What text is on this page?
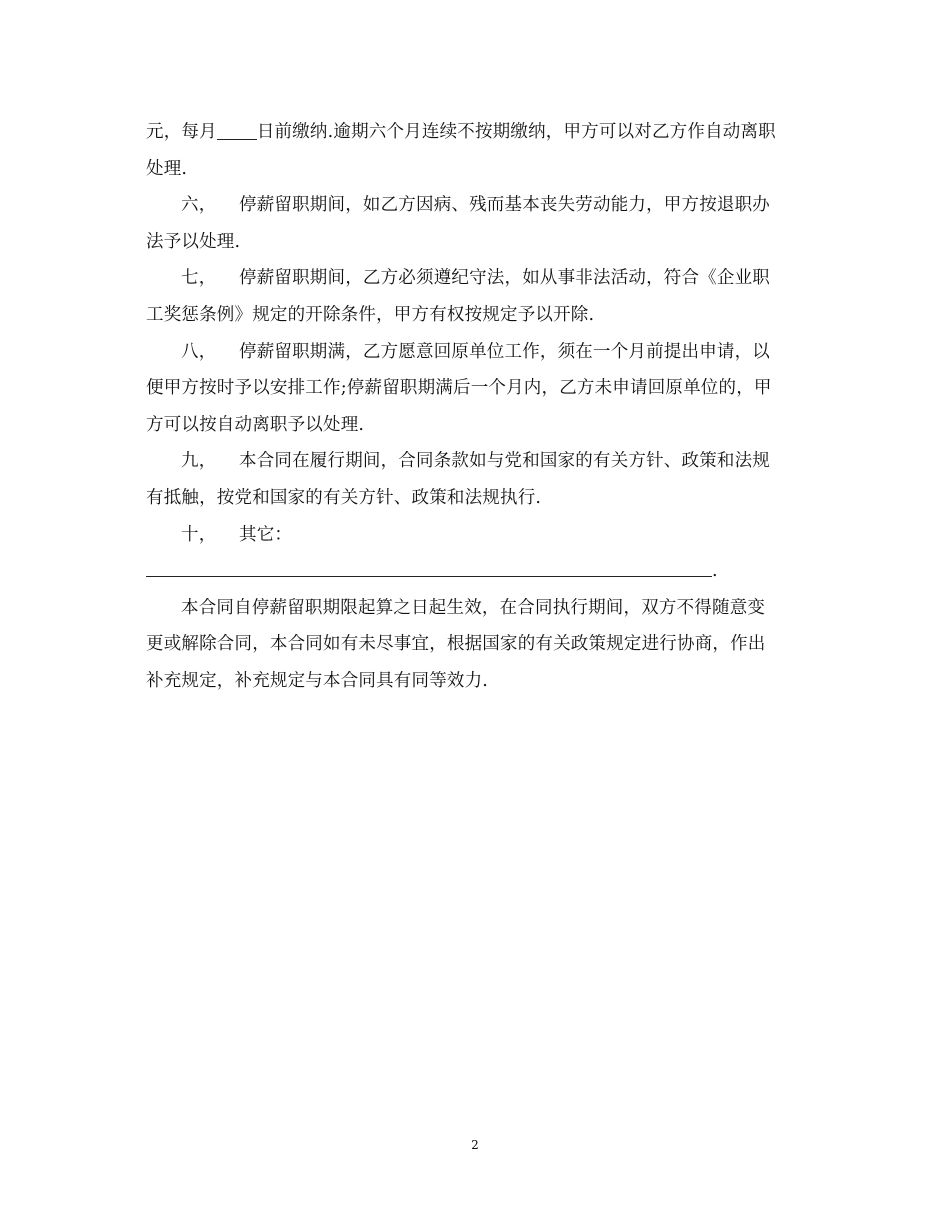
元，每月 日前缴纳.逾期六个月连续不按期缴纳，甲方可以对乙方作自动离职
处理.
六， 停薪留职期间，如乙方因病、残而基本丧失劳动能力，甲方按退职办
法予以处理.
七， 停薪留职期间，乙方必须遵纪守法，如从事非法活动，符合《企业职
工奖惩条例》规定的开除条件，甲方有权按规定予以开除.
八， 停薪留职期满，乙方愿意回原单位工作，须在一个月前提出申请，以
便甲方按时予以安排工作;停薪留职期满后一个月内，乙方未申请回原单位的，甲
方可以按自动离职予以处理.
九， 本合同在履行期间，合同条款如与党和国家的有关方针、政策和法规
有抵触，按党和国家的有关方针、政策和法规执行.
十， 其它：
.
本合同自停薪留职期限起算之日起生效，在合同执行期间，双方不得随意变
更或解除合同，本合同如有未尽事宜，根据国家的有关政策规定进行协商，作出
补充规定，补充规定与本合同具有同等效力.
2
